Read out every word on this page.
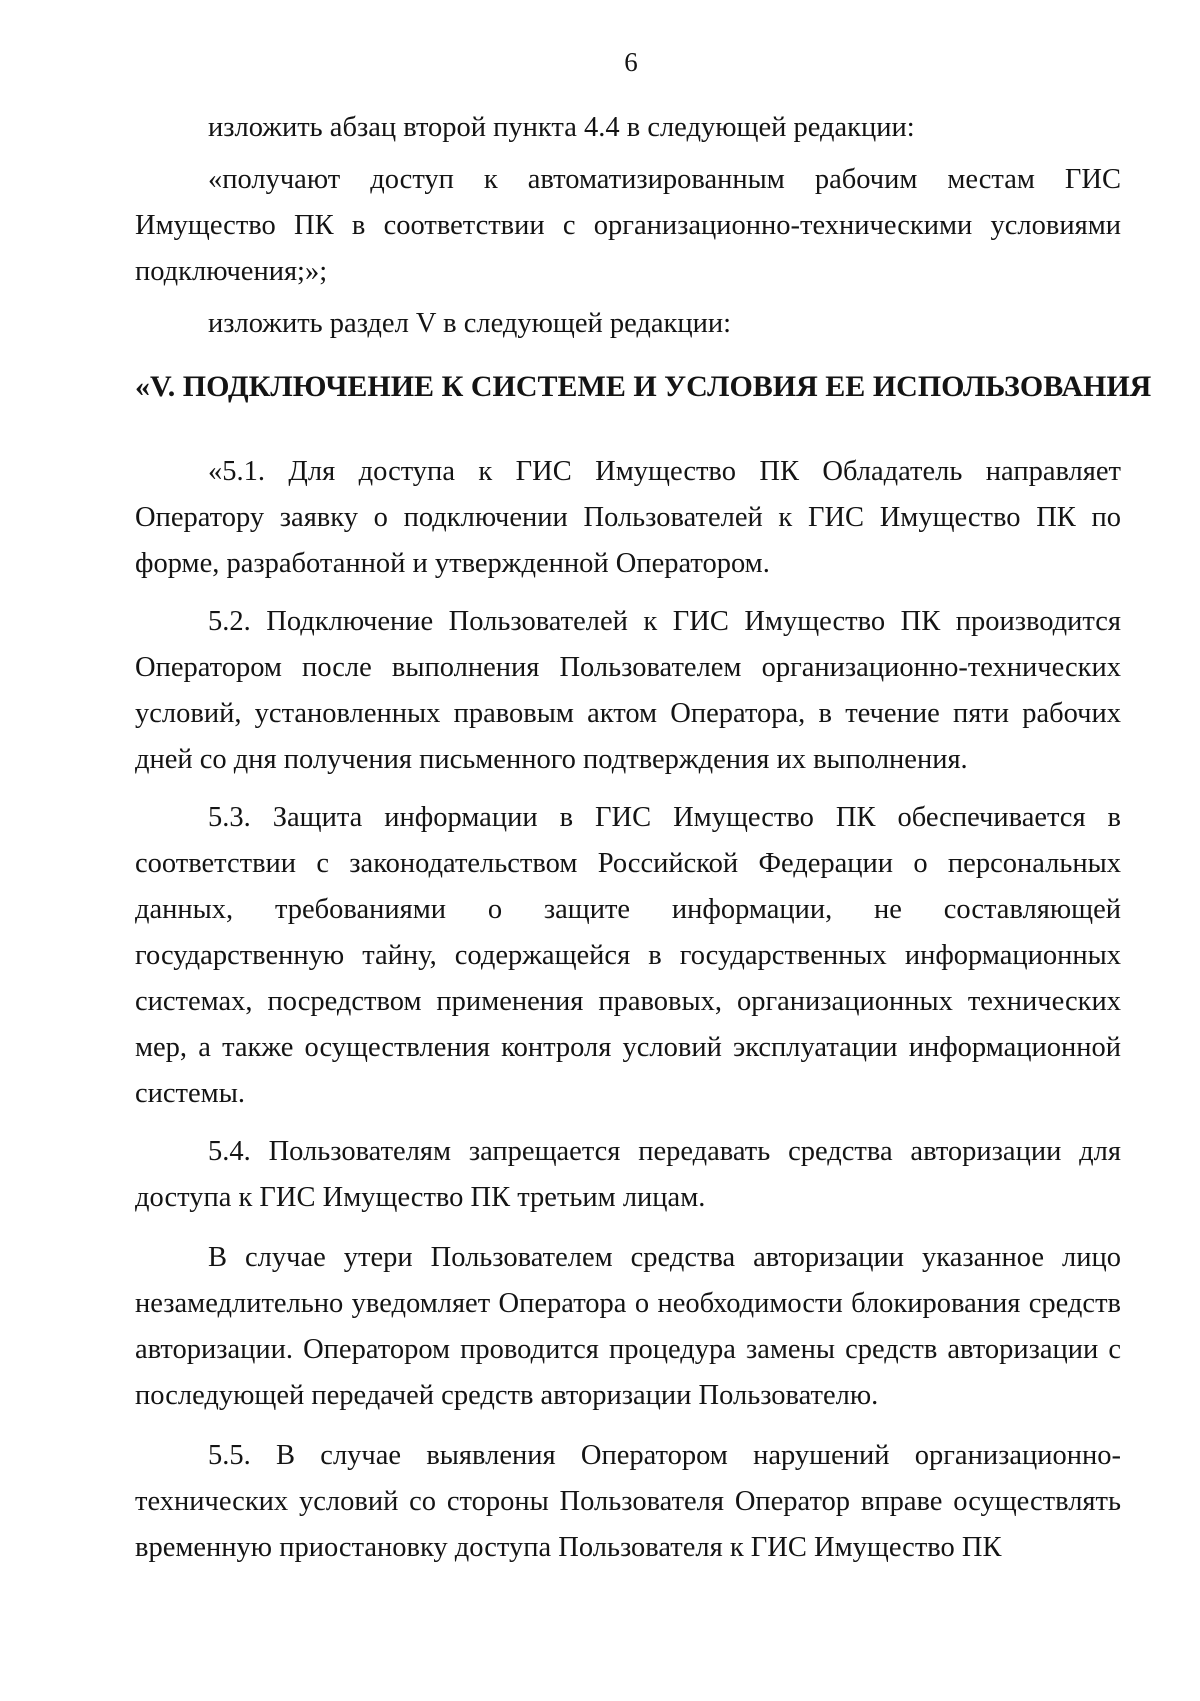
6

изложить абзац второй пункта 4.4 в следующей редакции:

«получают доступ к автоматизированным рабочим местам ГИС Имущество ПК в соответствии с организационно-техническими условиями подключения;»;

изложить раздел V в следующей редакции:

«V. ПОДКЛЮЧЕНИЕ К СИСТЕМЕ И УСЛОВИЯ ЕЕ ИСПОЛЬЗОВАНИЯ

«5.1. Для доступа к ГИС Имущество ПК Обладатель направляет Оператору заявку о подключении Пользователей к ГИС Имущество ПК по форме, разработанной и утвержденной Оператором.

5.2. Подключение Пользователей к ГИС Имущество ПК производится Оператором после выполнения Пользователем организационно-технических условий, установленных правовым актом Оператора, в течение пяти рабочих дней со дня получения письменного подтверждения их выполнения.

5.3. Защита информации в ГИС Имущество ПК обеспечивается в соответствии с законодательством Российской Федерации о персональных данных, требованиями о защите информации, не составляющей государственную тайну, содержащейся в государственных информационных системах, посредством применения правовых, организационных технических мер, а также осуществления контроля условий эксплуатации информационной системы.

5.4. Пользователям запрещается передавать средства авторизации для доступа к ГИС Имущество ПК третьим лицам.

В случае утери Пользователем средства авторизации указанное лицо незамедлительно уведомляет Оператора о необходимости блокирования средств авторизации. Оператором проводится процедура замены средств авторизации с последующей передачей средств авторизации Пользователю.

5.5. В случае выявления Оператором нарушений организационно-технических условий со стороны Пользователя Оператор вправе осуществлять временную приостановку доступа Пользователя к ГИС Имущество ПК
